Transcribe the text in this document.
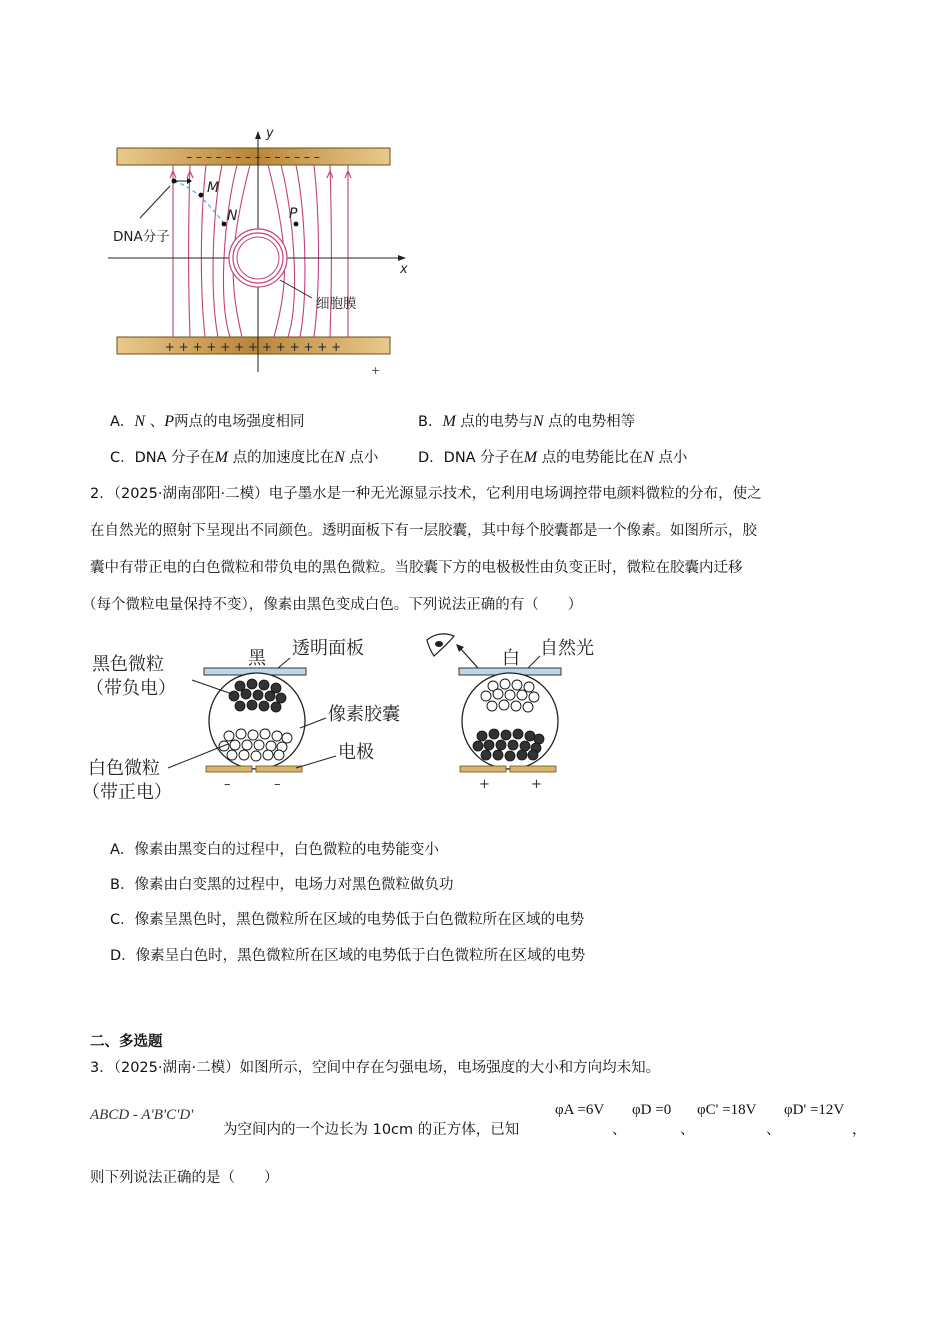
– – – – – – – – – – – – – –
+ + + + + + + + + + + + +
y
x
细胞膜
DNA分子
M
N	P
+
A．N 、P两点的电场强度相同	B．M 点的电势与N 点的电势相等
C．DNA 分子在M 点的加速度比在N 点小	D．DNA 分子在M 点的电势能比在N 点小
2．（2025·湖南邵阳·二模）电子墨水是一种无光源显示技术，它利用电场调控带电颜料微粒的分布，使之
在自然光的照射下呈现出不同颜色。透明面板下有一层胶囊，其中每个胶囊都是一个像素。如图所示，胶
囊中有带正电的白色微粒和带负电的黑色微粒。当胶囊下方的电极极性由负变正时，微粒在胶囊内迁移
（每个微粒电量保持不变），像素由黑色变成白色。下列说法正确的有（　　）
黑 透明面板
–	–
黑色微粒
（带负电）
像素胶囊
电极
白色微粒
（带正电）
白 自然光
+	+
A．像素由黑变白的过程中，白色微粒的电势能变小
B．像素由白变黑的过程中，电场力对黑色微粒做负功
C．像素呈黑色时，黑色微粒所在区域的电势低于白色微粒所在区域的电势
D．像素呈白色时，黑色微粒所在区域的电势低于白色微粒所在区域的电势
二、多选题
3．（2025·湖南·二模）如图所示，空间中存在匀强电场，电场强度的大小和方向均未知。
ABCD - A'B'C'D'
为空间内的一个边长为 10cm 的正方体，已知
φA =6V
、
φD =0
、
φC' =18V
、
φD' =12V
，
则下列说法正确的是（　　）
